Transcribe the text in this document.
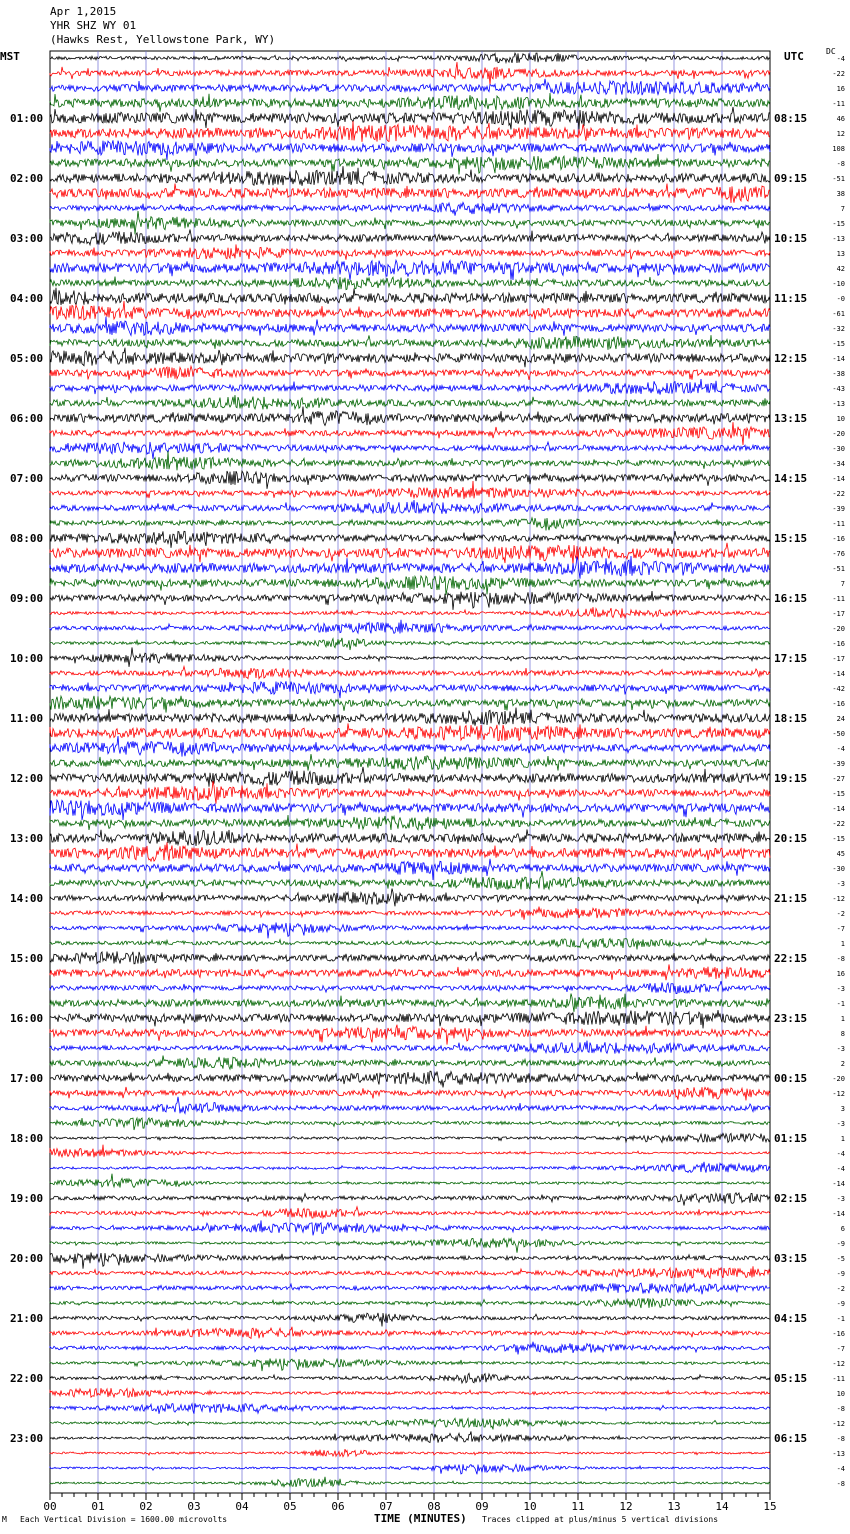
Apr 1,2015
YHR SHZ WY 01
(Hawks Rest, Yellowstone Park, WY)
MST	UTC	DC
01:00
02:00
03:00
04:00
05:00
06:00
07:00
08:00
09:00
10:00
11:00
12:00
13:00
14:00
15:00
16:00
17:00
18:00
19:00
20:00
21:00
22:00
23:00
08:15
09:15
10:15
11:15
12:15
13:15
14:15
15:15
16:15
17:15
18:15
19:15
20:15
21:15
22:15
23:15
00:15
01:15
02:15
03:15
04:15
05:15
06:15
-4
-22
16
-11
46
12
108
-8
-51
38
7
-15
-13
13
42
-10
-0
-61
-32
-15
-14
-38
-43
-13
10
-20
-30
-34
-14
-22
-39
-11
-16
-76
-51
7
-11
-17
-20
-16
-17
-14
-42
-16
24
-50
-4
-39
-27
-15
-14
-22
-15
45
-30
-3
-12
-2
-7
1
-8
16
-3
-1
1
8
-3
2
-20
-12
3
-3
1
-4
-4
-14
-3
-14
6
-9
-5
-9
-2
-9
-1
-16
-7
-12
-11
10
-8
-12
-8
-13
-4
-8
00	01	02	03	04	05	06	07	08	09	10	11	12	13	14	15
M Each Vertical Division = 1600.00 microvolts	TIME (MINUTES) Traces clipped at plus/minus 5 vertical divisions
